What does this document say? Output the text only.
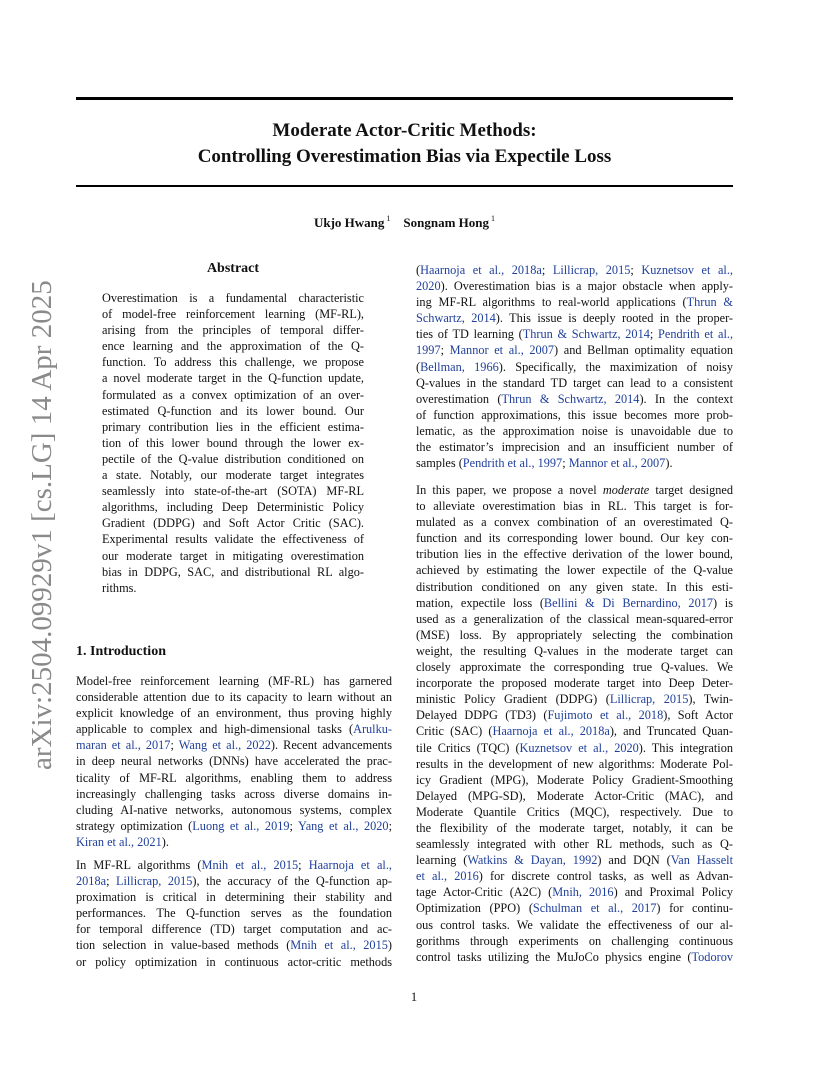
Moderate Actor-Critic Methods:
Controlling Overestimation Bias via Expectile Loss
Ukjo Hwang $^1$ Songnam Hong $^1$
arXiv:2504.09929v1 [cs.LG] 14 Apr 2025
Abstract
Overestimation is a fundamental characteristic
of model-free reinforcement learning (MF-RL),
arising from the principles of temporal differ-
ence learning and the approximation of the Q-
function. To address this challenge, we propose
a novel moderate target in the Q-function update,
formulated as a convex optimization of an over-
estimated Q-function and its lower bound. Our
primary contribution lies in the efficient estima-
tion of this lower bound through the lower ex-
pectile of the Q-value distribution conditioned on
a state. Notably, our moderate target integrates
seamlessly into state-of-the-art (SOTA) MF-RL
algorithms, including Deep Deterministic Policy
Gradient (DDPG) and Soft Actor Critic (SAC).
Experimental results validate the effectiveness of
our moderate target in mitigating overestimation
bias in DDPG, SAC, and distributional RL algo-
rithms.
1. Introduction
Model-free reinforcement learning (MF-RL) has garnered
considerable attention due to its capacity to learn without an
explicit knowledge of an environment, thus proving highly
applicable to complex and high-dimensional tasks (Arulku-
maran et al., 2017; Wang et al., 2022). Recent advancements
in deep neural networks (DNNs) have accelerated the prac-
ticality of MF-RL algorithms, enabling them to address
increasingly challenging tasks across diverse domains in-
cluding AI-native networks, autonomous systems, complex
strategy optimization (Luong et al., 2019; Yang et al., 2020;
Kiran et al., 2021).
In MF-RL algorithms (Mnih et al., 2015; Haarnoja et al.,
2018a; Lillicrap, 2015), the accuracy of the Q-function ap-
proximation is critical in determining their stability and
performances. The Q-function serves as the foundation
for temporal difference (TD) target computation and ac-
tion selection in value-based methods (Mnih et al., 2015)
or policy optimization in continuous actor-critic methods
(Haarnoja et al., 2018a; Lillicrap, 2015; Kuznetsov et al.,
2020). Overestimation bias is a major obstacle when apply-
ing MF-RL algorithms to real-world applications (Thrun &
Schwartz, 2014). This issue is deeply rooted in the proper-
ties of TD learning (Thrun & Schwartz, 2014; Pendrith et al.,
1997; Mannor et al., 2007) and Bellman optimality equation
(Bellman, 1966). Specifically, the maximization of noisy
Q-values in the standard TD target can lead to a consistent
overestimation (Thrun & Schwartz, 2014). In the context
of function approximations, this issue becomes more prob-
lematic, as the approximation noise is unavoidable due to
the estimator’s imprecision and an insufficient number of
samples (Pendrith et al., 1997; Mannor et al., 2007).
In this paper, we propose a novel moderate target designed
to alleviate overestimation bias in RL. This target is for-
mulated as a convex combination of an overestimated Q-
function and its corresponding lower bound. Our key con-
tribution lies in the effective derivation of the lower bound,
achieved by estimating the lower expectile of the Q-value
distribution conditioned on any given state. In this esti-
mation, expectile loss (Bellini & Di Bernardino, 2017) is
used as a generalization of the classical mean-squared-error
(MSE) loss. By appropriately selecting the combination
weight, the resulting Q-values in the moderate target can
closely approximate the corresponding true Q-values. We
incorporate the proposed moderate target into Deep Deter-
ministic Policy Gradient (DDPG) (Lillicrap, 2015), Twin-
Delayed DDPG (TD3) (Fujimoto et al., 2018), Soft Actor
Critic (SAC) (Haarnoja et al., 2018a), and Truncated Quan-
tile Critics (TQC) (Kuznetsov et al., 2020). This integration
results in the development of new algorithms: Moderate Pol-
icy Gradient (MPG), Moderate Policy Gradient-Smoothing
Delayed (MPG-SD), Moderate Actor-Critic (MAC), and
Moderate Quantile Critics (MQC), respectively. Due to
the flexibility of the moderate target, notably, it can be
seamlessly integrated with other RL methods, such as Q-
learning (Watkins & Dayan, 1992) and DQN (Van Hasselt
et al., 2016) for discrete control tasks, as well as Advan-
tage Actor-Critic (A2C) (Mnih, 2016) and Proximal Policy
Optimization (PPO) (Schulman et al., 2017) for continu-
ous control tasks. We validate the effectiveness of our al-
gorithms through experiments on challenging continuous
control tasks utilizing the MuJoCo physics engine (Todorov
1
